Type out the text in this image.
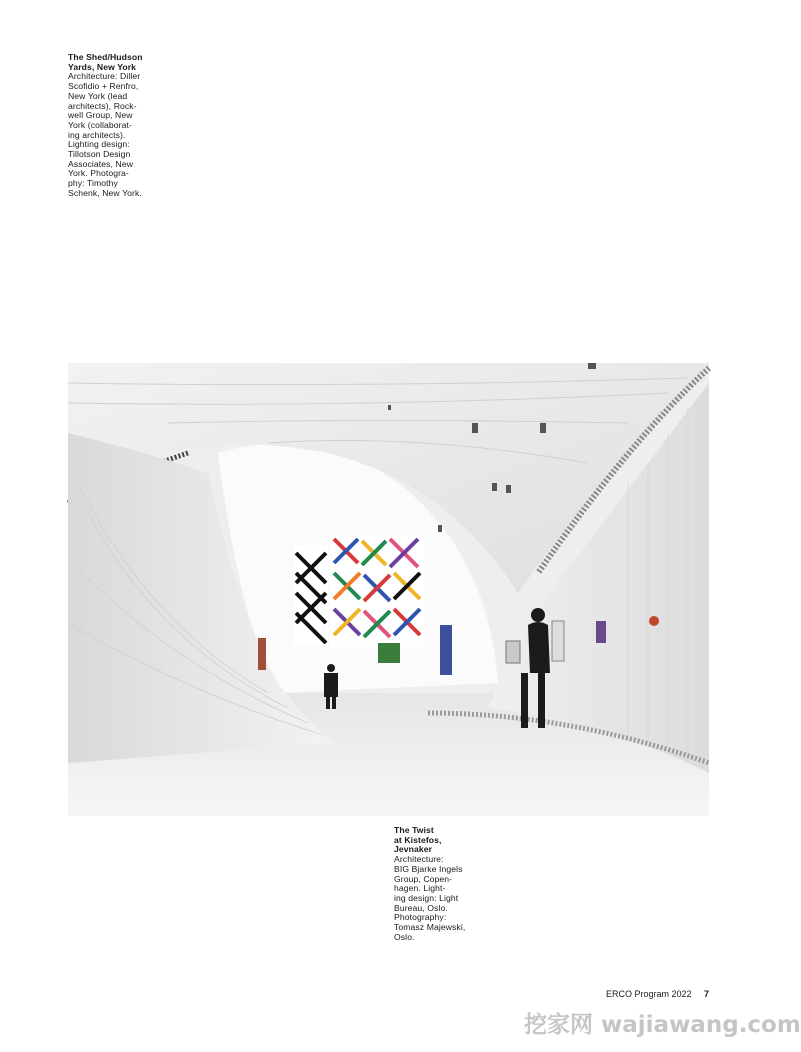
The Shed/Hudson
Yards, New York
Architecture: Diller
Scofidio + Renfro,
New York (lead
architects), Rock-
well Group, New
York (collaborat-
ing architects).
Lighting design:
Tillotson Design
Associates, New
York. Photogra-
phy: Timothy
Schenk, New York.
The Twist
at Kistefos,
Jevnaker
Architecture:
BIG Bjarke Ingels
Group, Copen-
hagen. Light-
ing design: Light
Bureau, Oslo.
Photography:
Tomasz Majewski,
Oslo.
ERCO Program 2022 7
挖家网 wajiawang.com
